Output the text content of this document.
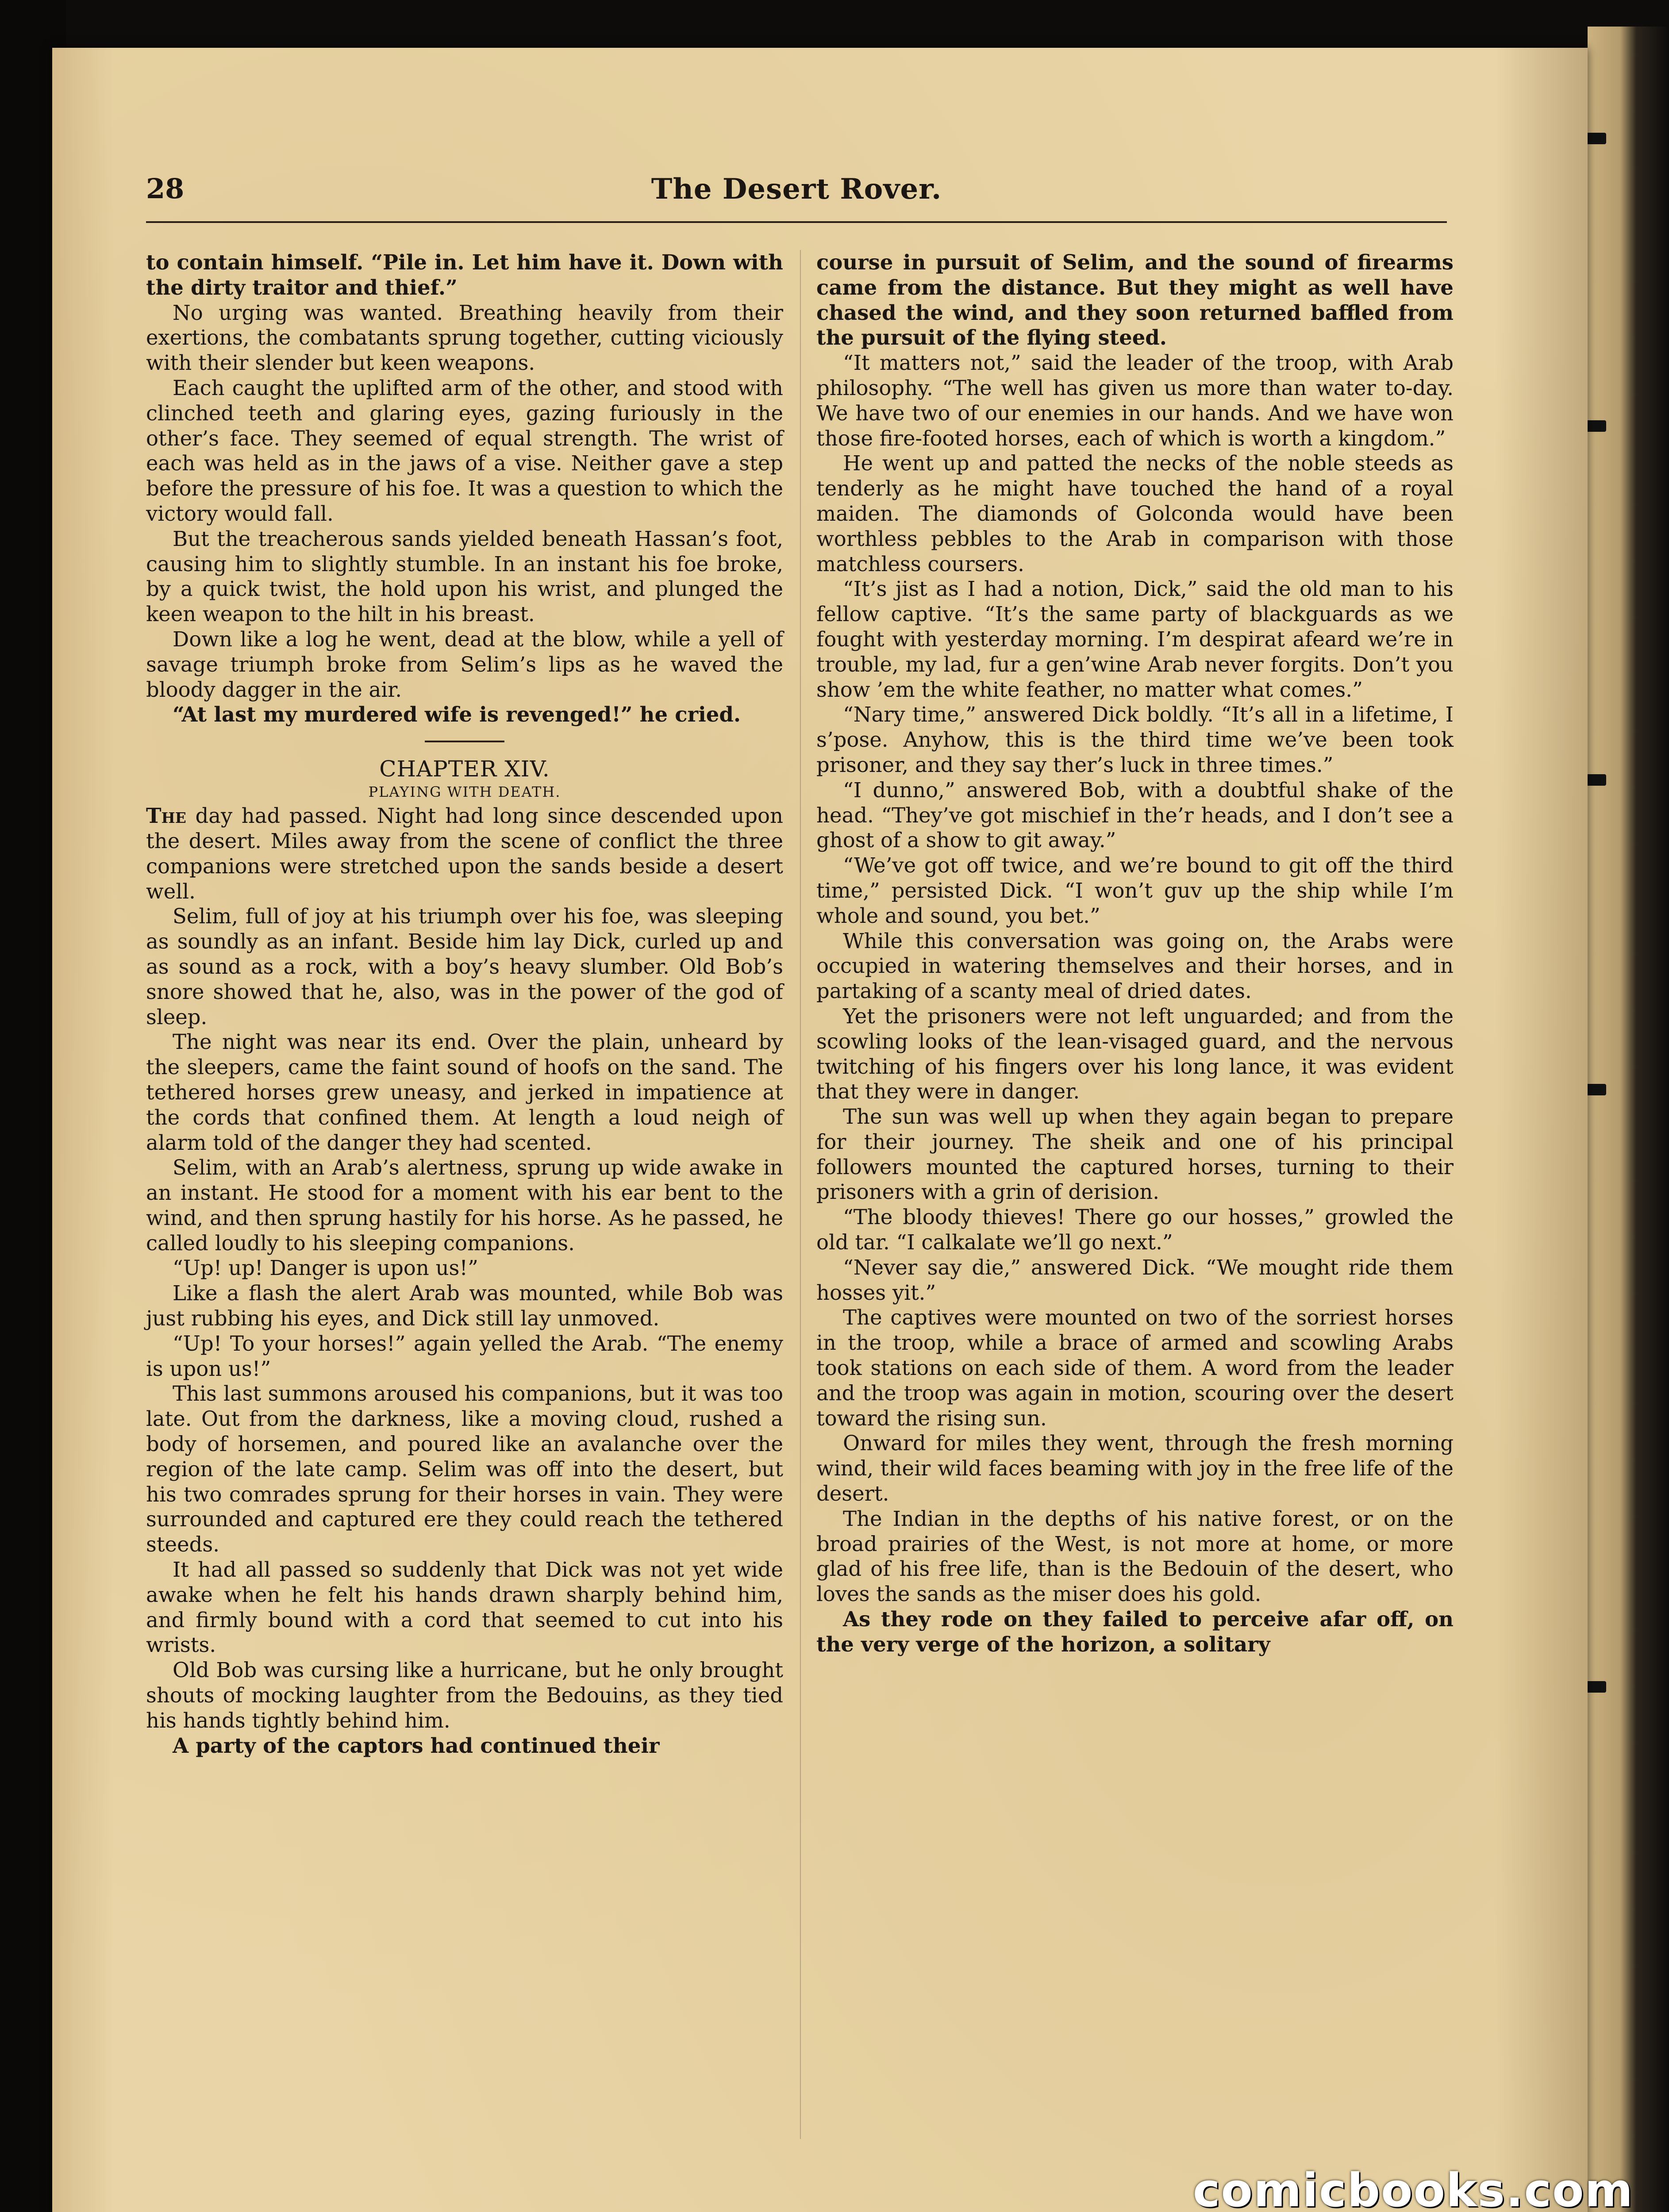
28	The Desert Rover.

to contain himself. “Pile in. Let him have it. Down with the dirty traitor and thief.”

No urging was wanted. Breathing heavily from their exertions, the combatants sprung together, cutting viciously with their slender but keen weapons.

Each caught the uplifted arm of the other, and stood with clinched teeth and glaring eyes, gazing furiously in the other’s face. They seemed of equal strength. The wrist of each was held as in the jaws of a vise. Neither gave a step before the pressure of his foe. It was a question to which the victory would fall.

But the treacherous sands yielded beneath Hassan’s foot, causing him to slightly stumble. In an instant his foe broke, by a quick twist, the hold upon his wrist, and plunged the keen weapon to the hilt in his breast.

Down like a log he went, dead at the blow, while a yell of savage triumph broke from Selim’s lips as he waved the bloody dagger in the air.

“At last my murdered wife is revenged!” he cried.

CHAPTER XIV.

PLAYING WITH DEATH.

The day had passed. Night had long since descended upon the desert. Miles away from the scene of conflict the three companions were stretched upon the sands beside a desert well.

Selim, full of joy at his triumph over his foe, was sleeping as soundly as an infant. Beside him lay Dick, curled up and as sound as a rock, with a boy’s heavy slumber. Old Bob’s snore showed that he, also, was in the power of the god of sleep.

The night was near its end. Over the plain, unheard by the sleepers, came the faint sound of hoofs on the sand. The tethered horses grew uneasy, and jerked in impatience at the cords that confined them. At length a loud neigh of alarm told of the danger they had scented.

Selim, with an Arab’s alertness, sprung up wide awake in an instant. He stood for a moment with his ear bent to the wind, and then sprung hastily for his horse. As he passed, he called loudly to his sleeping companions.

“Up! up! Danger is upon us!”

Like a flash the alert Arab was mounted, while Bob was just rubbing his eyes, and Dick still lay unmoved.

“Up! To your horses!” again yelled the Arab. “The enemy is upon us!”

This last summons aroused his companions, but it was too late. Out from the darkness, like a moving cloud, rushed a body of horsemen, and poured like an avalanche over the region of the late camp. Selim was off into the desert, but his two comrades sprung for their horses in vain. They were surrounded and captured ere they could reach the tethered steeds.

It had all passed so suddenly that Dick was not yet wide awake when he felt his hands drawn sharply behind him, and firmly bound with a cord that seemed to cut into his wrists.

Old Bob was cursing like a hurricane, but he only brought shouts of mocking laughter from the Bedouins, as they tied his hands tightly behind him.

A party of the captors had continued their

course in pursuit of Selim, and the sound of firearms came from the distance. But they might as well have chased the wind, and they soon returned baffled from the pursuit of the flying steed.

“It matters not,” said the leader of the troop, with Arab philosophy. “The well has given us more than water to-day. We have two of our enemies in our hands. And we have won those fire-footed horses, each of which is worth a kingdom.”

He went up and patted the necks of the noble steeds as tenderly as he might have touched the hand of a royal maiden. The diamonds of Golconda would have been worthless pebbles to the Arab in comparison with those matchless coursers.

“It’s jist as I had a notion, Dick,” said the old man to his fellow captive. “It’s the same party of blackguards as we fought with yesterday morning. I’m despirat afeard we’re in trouble, my lad, fur a gen’wine Arab never forgits. Don’t you show ’em the white feather, no matter what comes.”

“Nary time,” answered Dick boldly. “It’s all in a lifetime, I s’pose. Anyhow, this is the third time we’ve been took prisoner, and they say ther’s luck in three times.”

“I dunno,” answered Bob, with a doubtful shake of the head. “They’ve got mischief in the’r heads, and I don’t see a ghost of a show to git away.”

“We’ve got off twice, and we’re bound to git off the third time,” persisted Dick. “I won’t guv up the ship while I’m whole and sound, you bet.”

While this conversation was going on, the Arabs were occupied in watering themselves and their horses, and in partaking of a scanty meal of dried dates.

Yet the prisoners were not left unguarded; and from the scowling looks of the lean-visaged guard, and the nervous twitching of his fingers over his long lance, it was evident that they were in danger.

The sun was well up when they again began to prepare for their journey. The sheik and one of his principal followers mounted the captured horses, turning to their prisoners with a grin of derision.

“The bloody thieves! There go our hosses,” growled the old tar. “I calkalate we’ll go next.”

“Never say die,” answered Dick. “We mought ride them hosses yit.”

The captives were mounted on two of the sorriest horses in the troop, while a brace of armed and scowling Arabs took stations on each side of them. A word from the leader and the troop was again in motion, scouring over the desert toward the rising sun.

Onward for miles they went, through the fresh morning wind, their wild faces beaming with joy in the free life of the desert.

The Indian in the depths of his native forest, or on the broad prairies of the West, is not more at home, or more glad of his free life, than is the Bedouin of the desert, who loves the sands as the miser does his gold.

As they rode on they failed to perceive afar off, on the very verge of the horizon, a solitary

comicbooks.com
